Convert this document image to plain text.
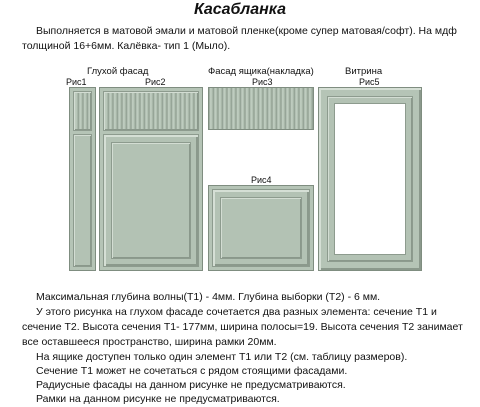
Касабланка
Выполняется в матовой эмали и матовой пленке(кроме супер матовая/софт). На мдф толщиной 16+6мм. Калёвка- тип 1 (Мыло).
Глухой фасад	Фасад ящика(накладка)	Витрина
Рис1	Рис2	Рис3
Рис4
Рис5
Максимальная глубина волны(Т1) - 4мм. Глубина выборки (Т2) - 6 мм.
У этого рисунка на глухом фасаде сочетается два разных элемента: сечение Т1 и сечение Т2. Высота сечения Т1- 177мм, ширина полосы=19. Высота сечения Т2 занимает все оставшееся пространство, ширина рамки 20мм.
На ящике доступен только один элемент Т1 или Т2 (см. таблицу размеров).
Сечение Т1 может не сочетаться с рядом стоящими фасадами.
Радиусные фасады на данном рисунке не предусматриваются.
Рамки на данном рисунке не предусматриваются.
